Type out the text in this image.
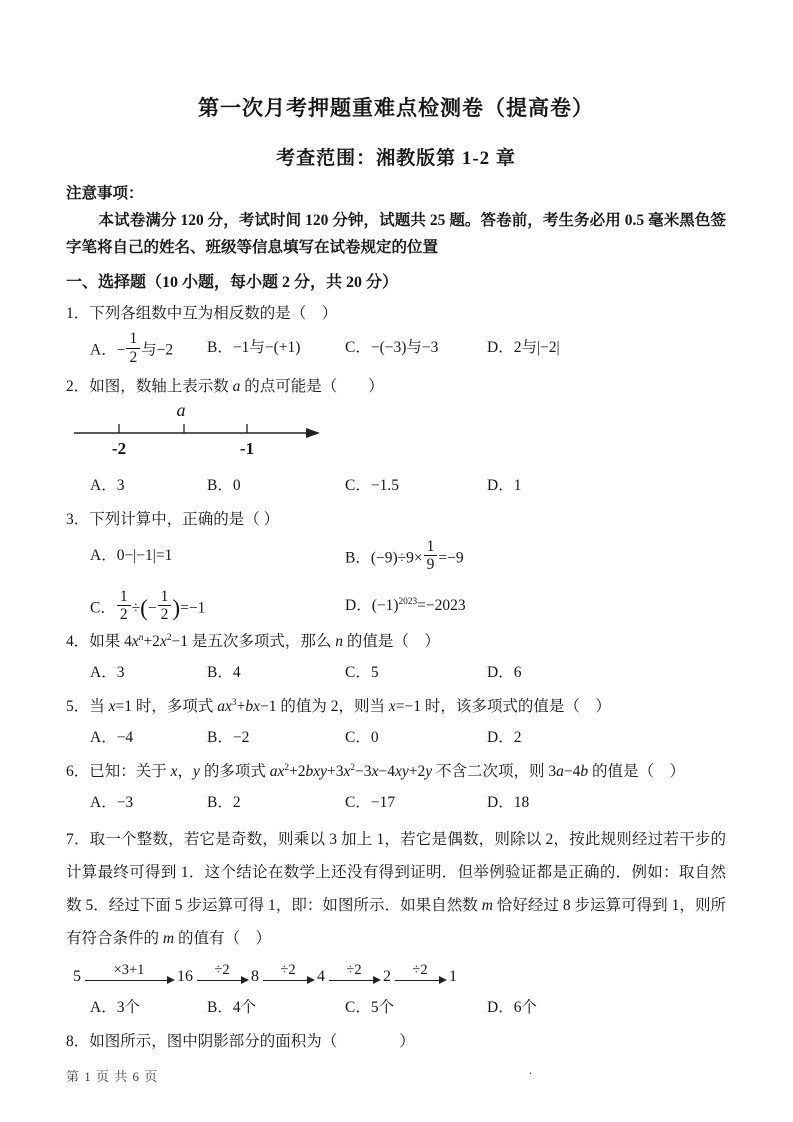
第一次月考押题重难点检测卷（提高卷）
考查范围：湘教版第 1-2 章
注意事项：

本试卷满分 120 分，考试时间 120 分钟，试题共 25 题。答卷前，考生务必用 0.5 毫米黑色签字笔将自己的姓名、班级等信息填写在试卷规定的位置

一、选择题（10 小题，每小题 2 分，共 20 分）
1．下列各组数中互为相反数的是（　）
A．− $\frac{1}{2}$ 与−2	B．−1与−(+1)	C．−(−3)与−3	D．2与|−2|
2．如图，数轴上表示数 a 的点可能是（　　）
a
-2	-1
A．3	B．0	C．−1.5	D．1
3．下列计算中，正确的是（ ）
A．0−|−1|=1	B．$(-9)\div 9\times \frac{1}{9} =-9$
C． $\frac{1}{2}$ ÷(− $\frac{1}{2} )=-1$	D．$(-1)^{2023}=-2023$
4．如果 $4x^n+2x^2-1$ 是五次多项式，那么 n 的值是（　）
A．3	B．4	C．5	D．6
5．当 x=1 时，多项式 $ax^3+bx-1$ 的值为 2，则当 x=−1 时，该多项式的值是（　）
A．−4	B．−2	C．0	D．2
6．已知：关于 x，y 的多项式 $ax^2+2bxy+3x^2-3x-4xy+2y$ 不含二次项，则 3a−4b 的值是（　）
A．−3	B．2	C．−17	D．18
7．取一个整数，若它是奇数，则乘以 3 加上 1，若它是偶数，则除以 2，按此规则经过若干步的计算最终可得到 1．这个结论在数学上还没有得到证明．但举例验证都是正确的．例如：取自然数 5．经过下面 5 步运算可得 1，即：如图所示．如果自然数 m 恰好经过 8 步运算可得到 1，则所有符合条件的 m 的值有（　）
5 ×3+1 16 ÷2 8 ÷2 4 ÷2 2 ÷2 1
A．3个	B．4个	C．5个	D．6个
8．如图所示，图中阴影部分的面积为（　　　　）
第 1 页 共 6 页	.
